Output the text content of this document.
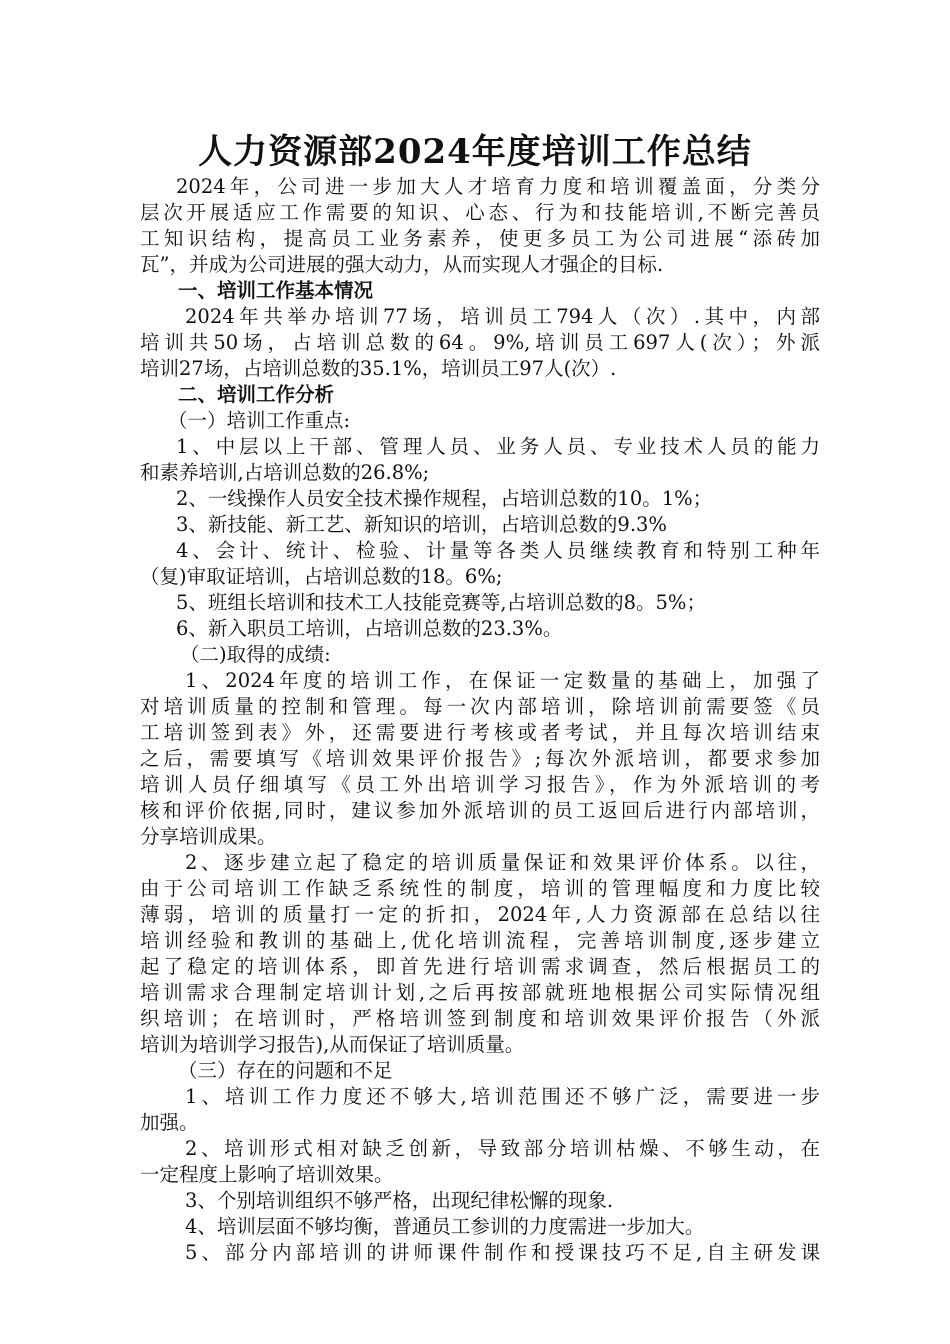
人力资源部2024年度培训工作总结
2024年，公司进一步加大人才培育力度和培训覆盖面，分类分
层次开展适应工作需要的知识、心态、行为和技能培训,不断完善员
工知识结构，提高员工业务素养，使更多员工为公司进展“添砖加
瓦”，并成为公司进展的强大动力，从而实现人才强企的目标.
一、培训工作基本情况
2024年共举办培训77场，培训员工794人（次）.其中，内部
培训共50场，占培训总数的64。9%,培训员工697人(次）；外派
培训27场，占培训总数的35.1%，培训员工97人(次）.
二、培训工作分析
（一）培训工作重点:
1、中层以上干部、管理人员、业务人员、专业技术人员的能力
和素养培训,占培训总数的26.8%;
2、一线操作人员安全技术操作规程，占培训总数的10。1%；
3、新技能、新工艺、新知识的培训，占培训总数的9.3%
4、会计、统计、检验、计量等各类人员继续教育和特别工种年
（复)审取证培训，占培训总数的18。6%;
5、班组长培训和技术工人技能竞赛等,占培训总数的8。5%；
6、新入职员工培训，占培训总数的23.3%。
（二)取得的成绩:
1、2024年度的培训工作，在保证一定数量的基础上，加强了
对培训质量的控制和管理。每一次内部培训，除培训前需要签《员
工培训签到表》外，还需要进行考核或者考试，并且每次培训结束
之后，需要填写《培训效果评价报告》;每次外派培训，都要求参加
培训人员仔细填写《员工外出培训学习报告》，作为外派培训的考
核和评价依据,同时，建议参加外派培训的员工返回后进行内部培训，
分享培训成果。
2、逐步建立起了稳定的培训质量保证和效果评价体系。以往，
由于公司培训工作缺乏系统性的制度，培训的管理幅度和力度比较
薄弱，培训的质量打一定的折扣，2024年,人力资源部在总结以往
培训经验和教训的基础上,优化培训流程，完善培训制度,逐步建立
起了稳定的培训体系，即首先进行培训需求调查，然后根据员工的
培训需求合理制定培训计划,之后再按部就班地根据公司实际情况组
织培训；在培训时，严格培训签到制度和培训效果评价报告（外派
培训为培训学习报告),从而保证了培训质量。
（三）存在的问题和不足
1、培训工作力度还不够大,培训范围还不够广泛，需要进一步
加强。
2、培训形式相对缺乏创新，导致部分培训枯燥、不够生动，在
一定程度上影响了培训效果。
3、个别培训组织不够严格，出现纪律松懈的现象.
4、培训层面不够均衡，普通员工参训的力度需进一步加大。
5、部分内部培训的讲师课件制作和授课技巧不足,自主研发课
